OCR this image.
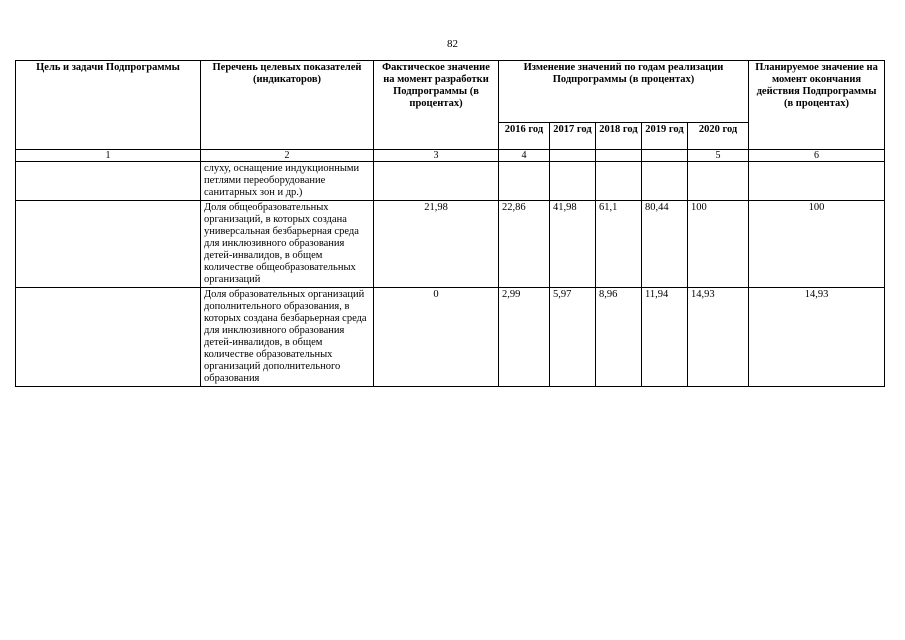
82
Цель и задачи Подпрограммы	Перечень целевых показателей (индикаторов)	Фактическое значение на момент разработки Подпрограммы (в процентах)	Изменение значений по годам реализации Подпрограммы (в процентах)					Планируемое значение на момент окончания действия Подпрограммы (в процентах)
			2016 год	2017 год	2018 год	2019 год	2020 год	
1	2	3	4				5	6
	слуху, оснащение индукционными петлями переоборудование санитарных зон и др.)							
	Доля общеобразовательных организаций, в которых создана универсальная безбарьерная среда для инклюзивного образования детей-инвалидов, в общем количестве общеобразовательных организаций	21,98	22,86	41,98	61,1	80,44	100	100
	Доля образовательных организаций дополнительного образования, в которых создана безбарьерная среда для инклюзивного образования детей-инвалидов, в общем количестве образовательных организаций дополнительного образования	0	2,99	5,97	8,96	11,94	14,93	14,93
